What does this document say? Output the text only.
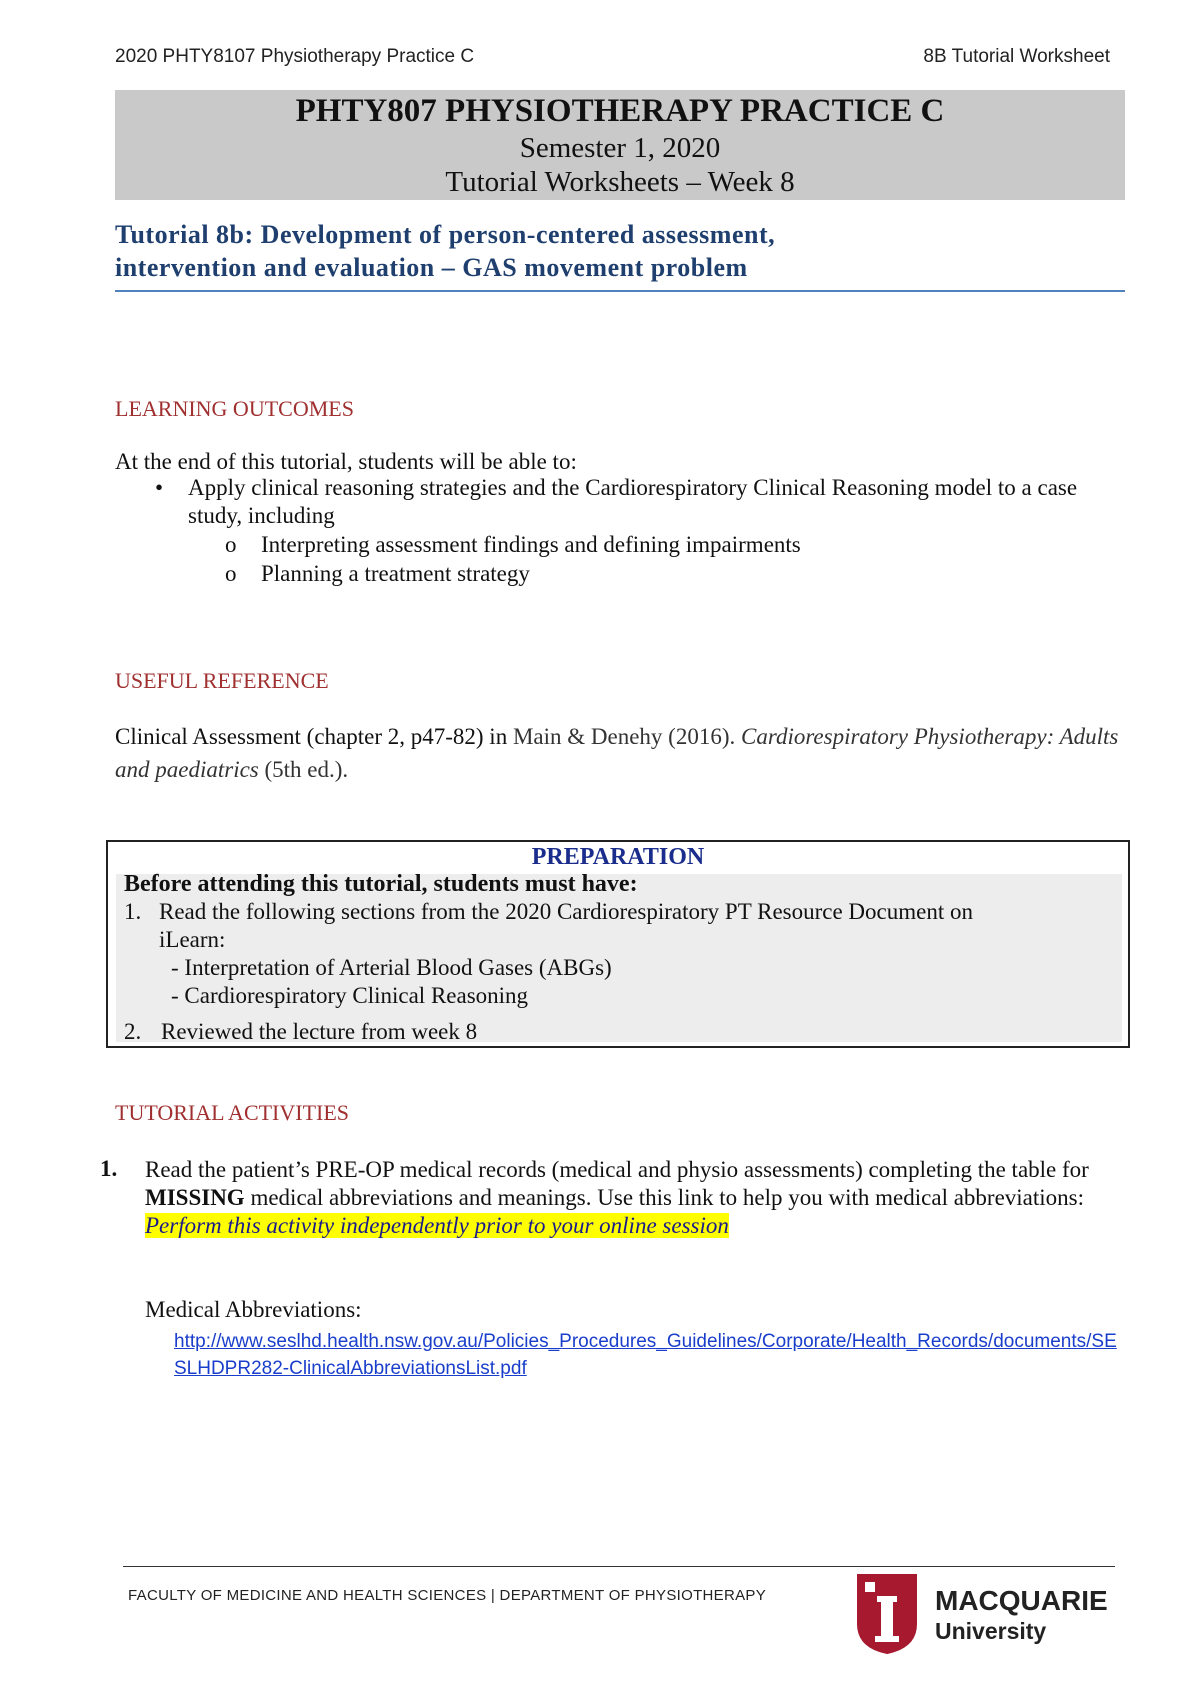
2020 PHTY8107 Physiotherapy Practice C	8B Tutorial Worksheet
PHTY807 PHYSIOTHERAPY PRACTICE C
Semester 1, 2020
Tutorial Worksheets – Week 8
Tutorial 8b: Development of person-centered assessment,
intervention and evaluation – GAS movement problem
LEARNING OUTCOMES
At the end of this tutorial, students will be able to:
• Apply clinical reasoning strategies and the Cardiorespiratory Clinical Reasoning model to a case study, including
o Interpreting assessment findings and defining impairments
o Planning a treatment strategy
USEFUL REFERENCE
Clinical Assessment (chapter 2, p47-82) in Main & Denehy (2016). Cardiorespiratory Physiotherapy: Adults and paediatrics (5th ed.).
PREPARATION
Before attending this tutorial, students must have:
1. Read the following sections from the 2020 Cardiorespiratory PT Resource Document on
iLearn:
- Interpretation of Arterial Blood Gases (ABGs)
- Cardiorespiratory Clinical Reasoning
2. Reviewed the lecture from week 8
TUTORIAL ACTIVITIES
1. Read the patient’s PRE-OP medical records (medical and physio assessments) completing the table for MISSING medical abbreviations and meanings. Use this link to help you with medical abbreviations: Perform this activity independently prior to your online session
Medical Abbreviations:
http://www.seslhd.health.nsw.gov.au/Policies_Procedures_Guidelines/Corporate/Health_Records/documents/SESLHDPR282-ClinicalAbbreviationsList.pdf
FACULTY OF MEDICINE AND HEALTH SCIENCES | DEPARTMENT OF PHYSIOTHERAPY	MACQUARIE
University
